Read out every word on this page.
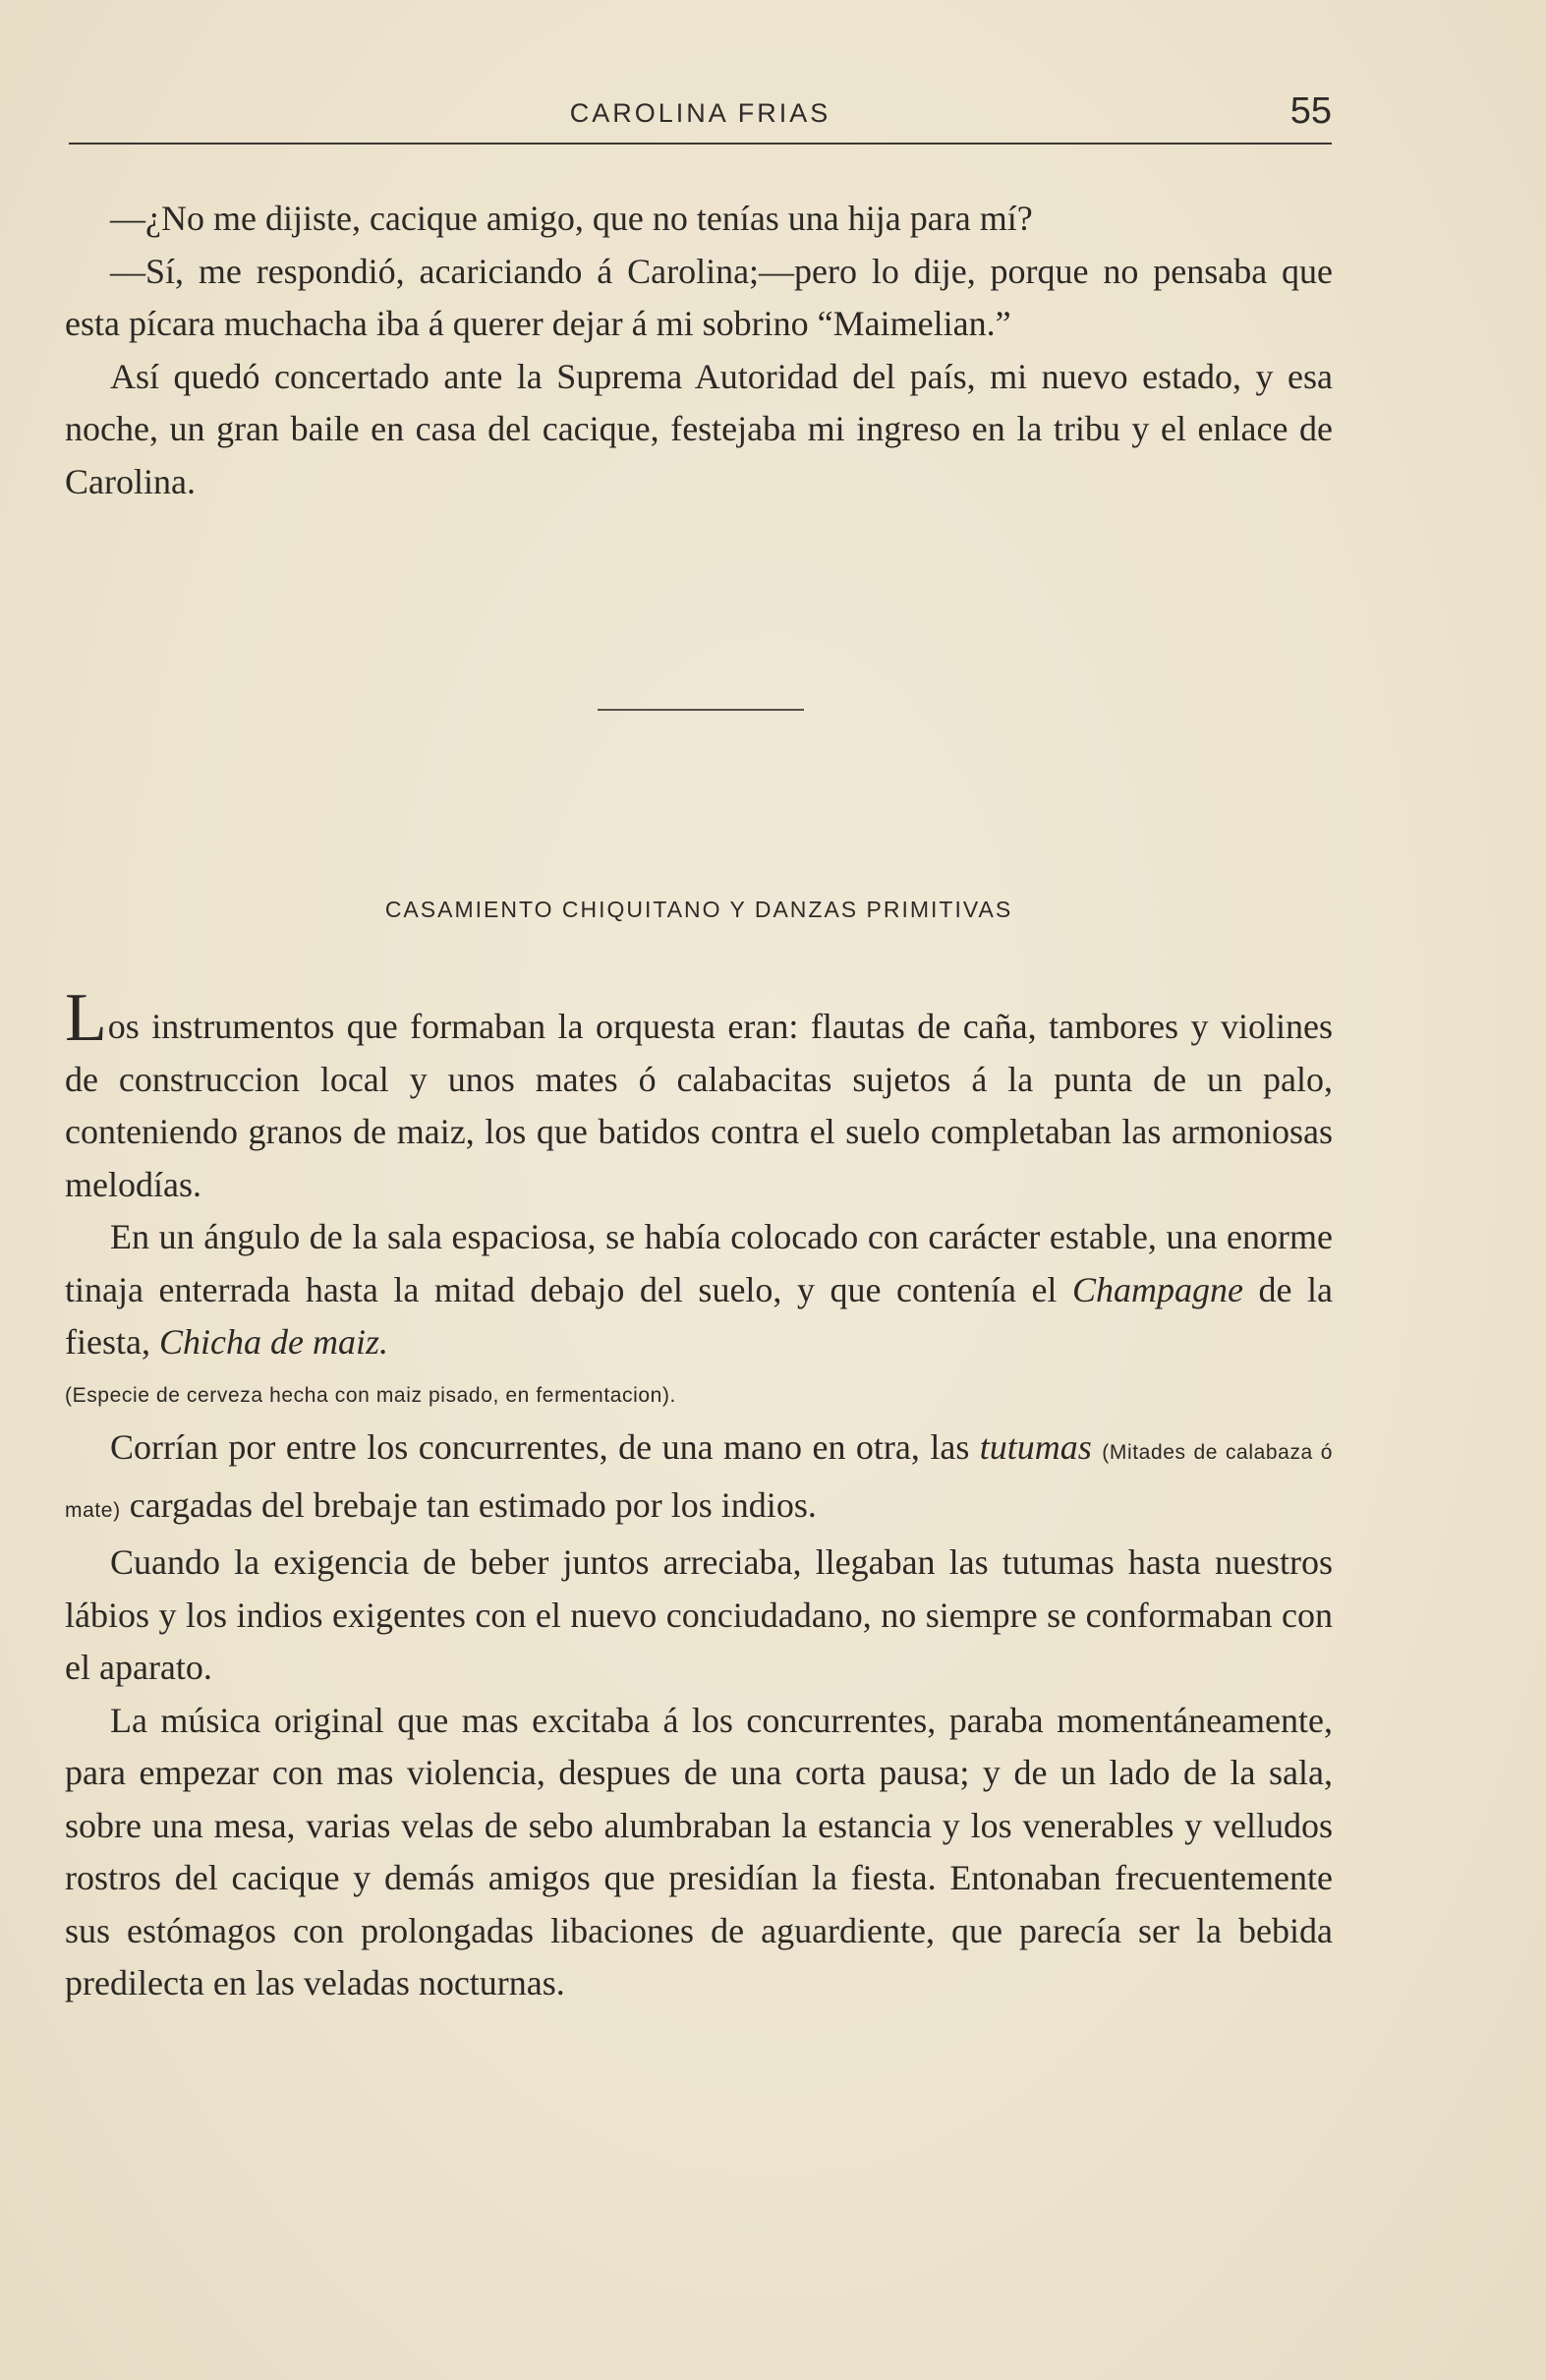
CAROLINA FRIAS	55

—¿No me dijiste, cacique amigo, que no tenías una hija para mí?

—Sí, me respondió, acariciando á Carolina;—pero lo dije, porque no pensaba que esta pícara muchacha iba á querer dejar á mi sobrino “Maimelian.”

Así quedó concertado ante la Suprema Autoridad del país, mi nuevo estado, y esa noche, un gran baile en casa del cacique, festejaba mi ingreso en la tribu y el enlace de Carolina.

CASAMIENTO CHIQUITANO Y DANZAS PRIMITIVAS

Los instrumentos que formaban la orquesta eran: flautas de caña, tambores y violines de construccion local y unos mates ó calabacitas sujetos á la punta de un palo, conteniendo granos de maiz, los que batidos contra el suelo completaban las armoniosas melodías.

En un ángulo de la sala espaciosa, se había colocado con carácter estable, una enorme tinaja enterrada hasta la mitad debajo del suelo, y que contenía el Champagne de la fiesta, Chicha de maiz.

(Especie de cerveza hecha con maiz pisado, en fermentacion).

Corrían por entre los concurrentes, de una mano en otra, las tutumas (Mitades de calabaza ó mate) cargadas del brebaje tan estimado por los indios.

Cuando la exigencia de beber juntos arreciaba, llegaban las tutumas hasta nuestros lábios y los indios exigentes con el nuevo conciudadano, no siempre se conformaban con el aparato.

La música original que mas excitaba á los concurrentes, paraba momentáneamente, para empezar con mas violencia, despues de una corta pausa; y de un lado de la sala, sobre una mesa, varias velas de sebo alumbraban la estancia y los venerables y velludos rostros del cacique y demás amigos que presidían la fiesta. Entonaban frecuentemente sus estómagos con prolongadas libaciones de aguardiente, que parecía ser la bebida predilecta en las veladas nocturnas.
